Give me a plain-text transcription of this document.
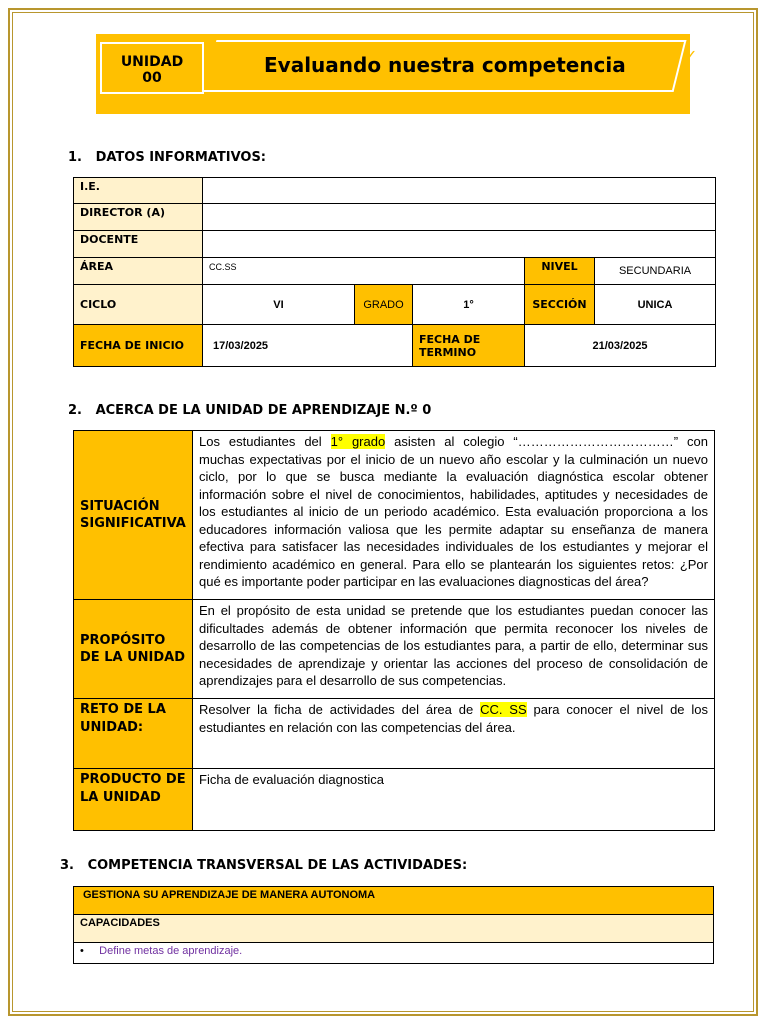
UNIDAD
00
Evaluando nuestra competencia	✓
1. DATOS INFORMATIVOS:
I.E.					
DIRECTOR (A)					
DOCENTE					
ÁREA	CC.SS			NIVEL	SECUNDARIA
CICLO	VI	GRADO	1°	SECCIÓN	UNICA
FECHA DE INICIO	17/03/2025		FECHA DE TERMINO	21/03/2025	
2. ACERCA DE LA UNIDAD DE APRENDIZAJE N.º 0
SITUACIÓN SIGNIFICATIVA	Los estudiantes del 1° grado asisten al colegio “………………………………” con muchas expectativas por el inicio de un nuevo año escolar y la culminación un nuevo ciclo, por lo que se busca mediante la evaluación diagnóstica escolar obtener información sobre el nivel de conocimientos, habilidades, aptitudes y necesidades de los estudiantes al inicio de un periodo académico. Esta evaluación proporciona a los educadores información valiosa que les permite adaptar su enseñanza de manera efectiva para satisfacer las necesidades individuales de los estudiantes y mejorar el rendimiento académico en general. Para ello se plantearán los siguientes retos: ¿Por qué es importante poder participar en las evaluaciones diagnosticas del área?
PROPÓSITO DE LA UNIDAD	En el propósito de esta unidad se pretende que los estudiantes puedan conocer las dificultades además de obtener información que permita reconocer los niveles de desarrollo de las competencias de los estudiantes para, a partir de ello, determinar sus necesidades de aprendizaje y orientar las acciones del proceso de consolidación de aprendizajes para el desarrollo de sus competencias.
RETO DE LA UNIDAD:	Resolver la ficha de actividades del área de CC. SS para conocer el nivel de los estudiantes en relación con las competencias del área.
PRODUCTO DE LA UNIDAD	Ficha de evaluación diagnostica
3. COMPETENCIA TRANSVERSAL DE LAS ACTIVIDADES:
GESTIONA SU APRENDIZAJE DE MANERA AUTONOMA
CAPACIDADES
• Define metas de aprendizaje.
